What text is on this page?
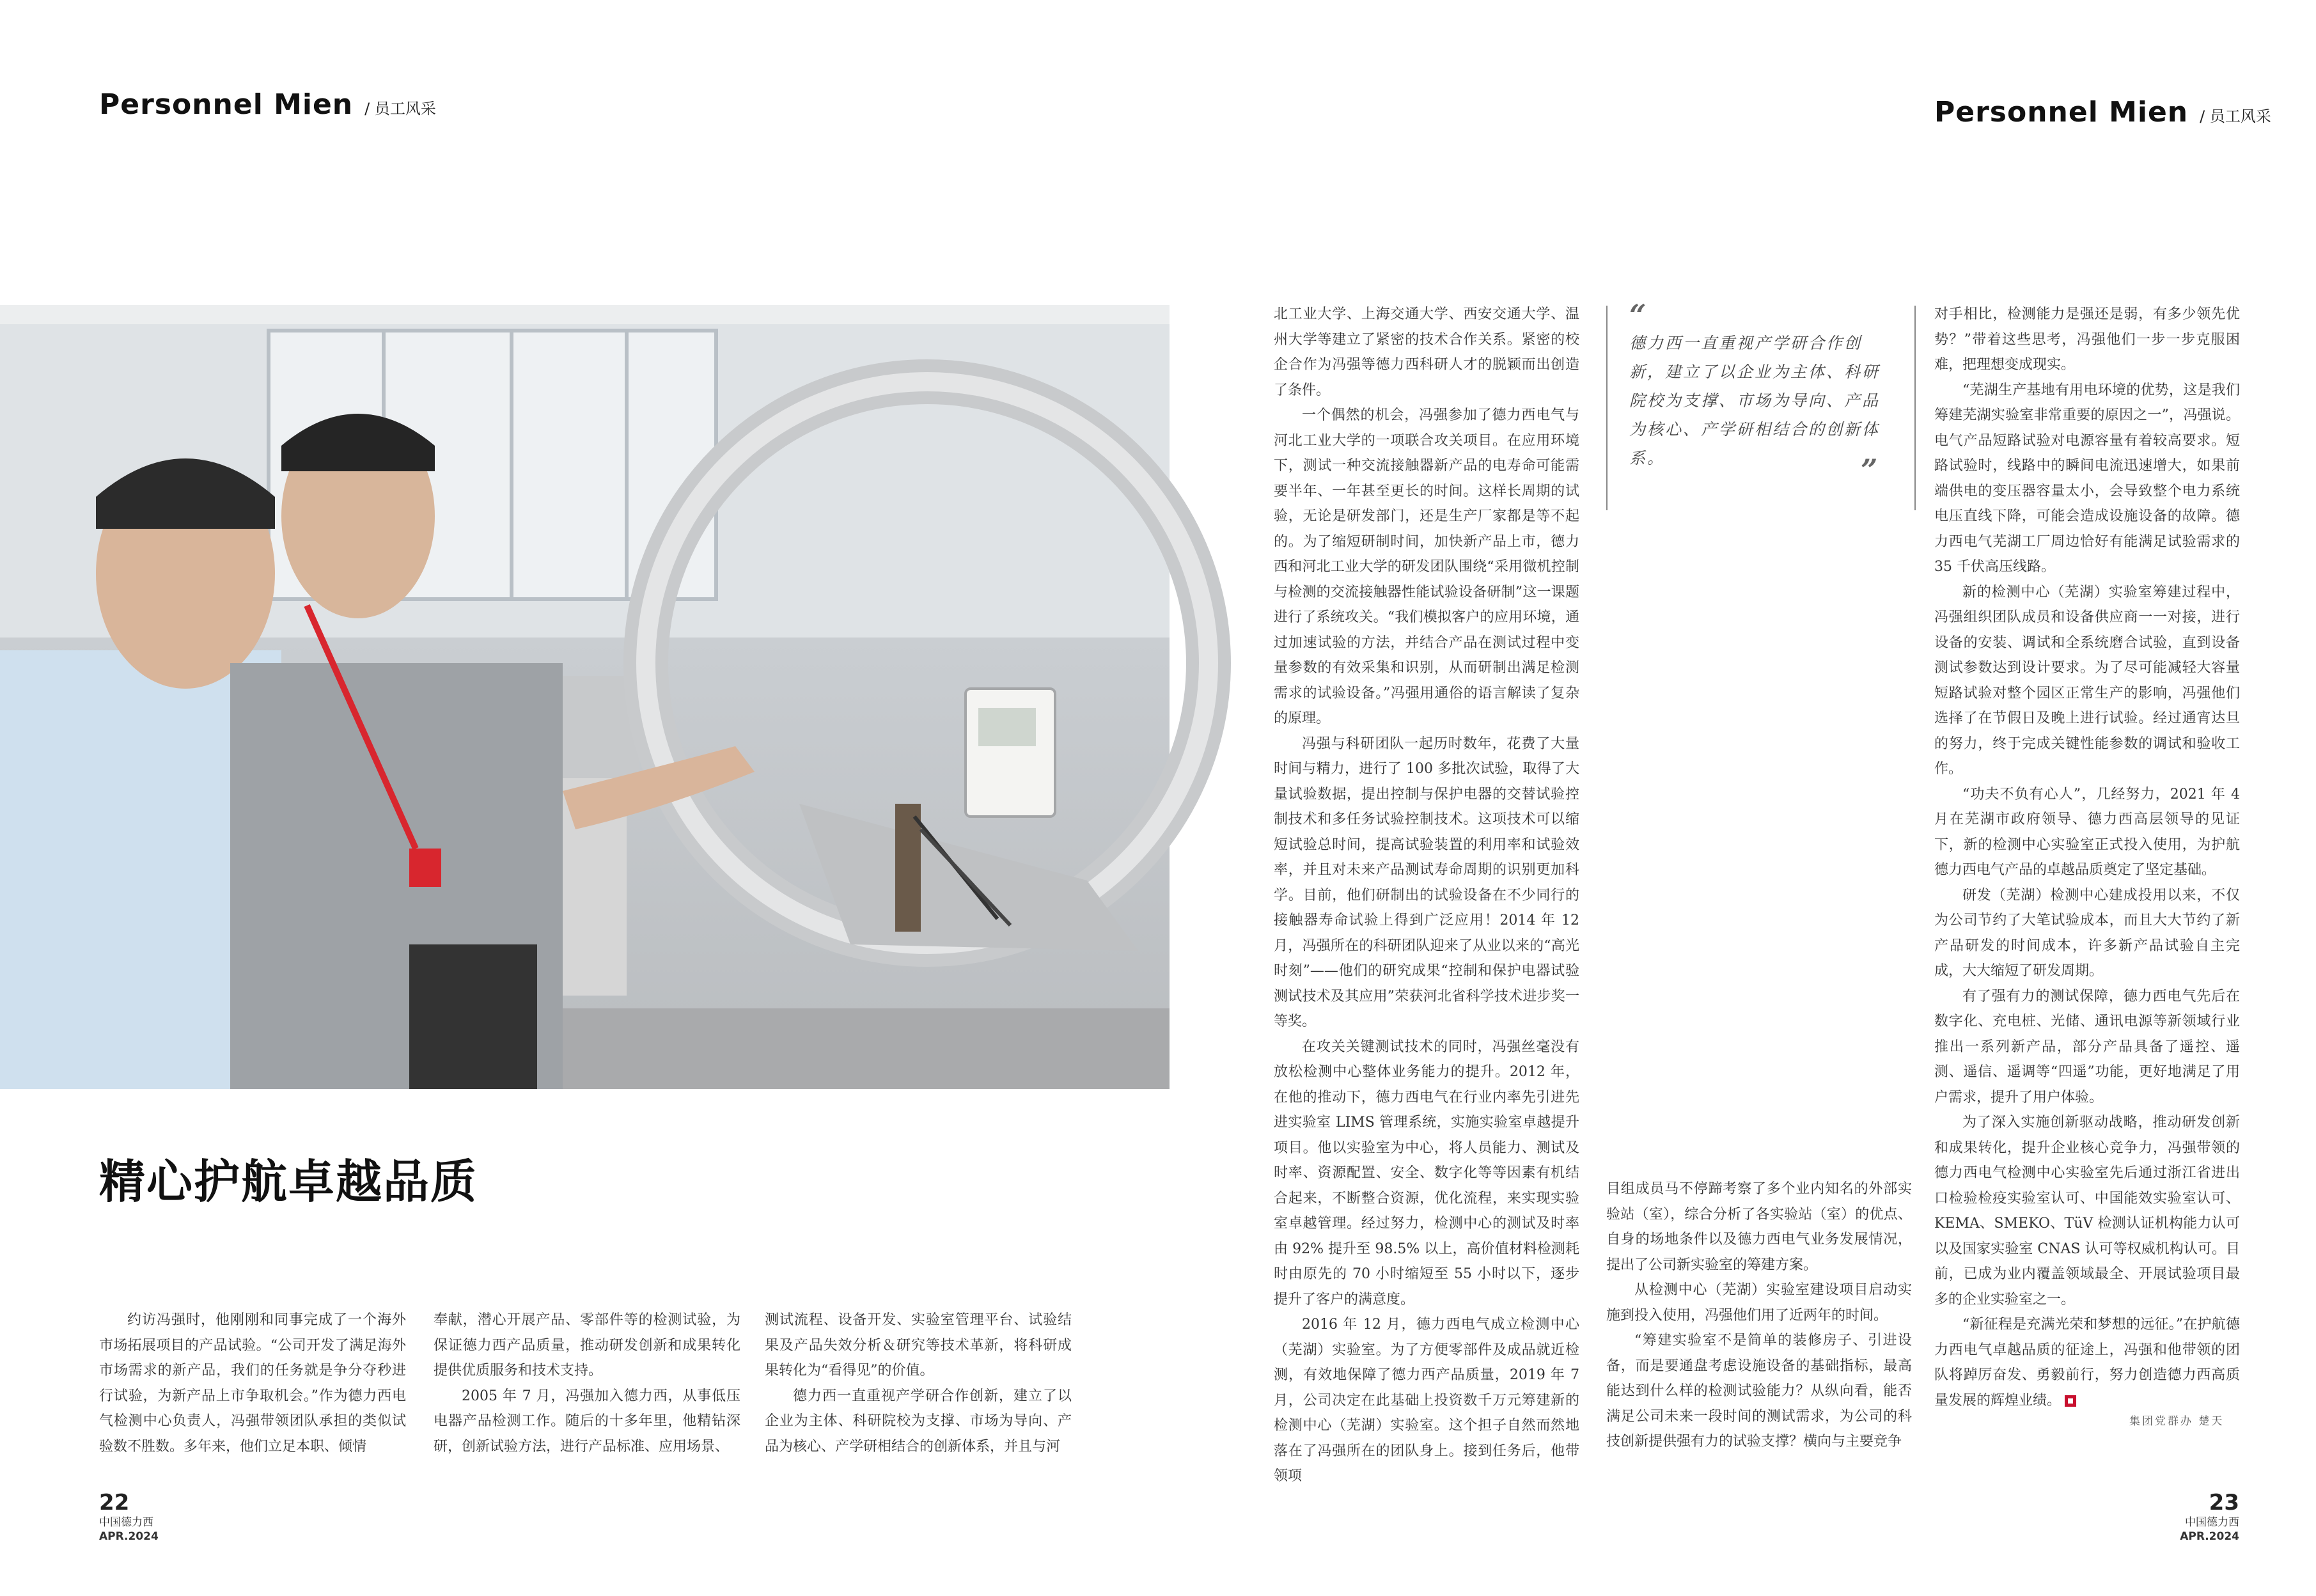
Personnel Mien / 员工风采	Personnel Mien / 员工风采
精心护航卓越品质

约访冯强时，他刚刚和同事完成了一个海外市场拓展项目的产品试验。“公司开发了满足海外市场需求的新产品，我们的任务就是争分夺秒进行试验，为新产品上市争取机会。”作为德力西电气检测中心负责人，冯强带领团队承担的类似试验数不胜数。多年来，他们立足本职、倾情

奉献，潜心开展产品、零部件等的检测试验，为保证德力西产品质量，推动研发创新和成果转化提供优质服务和技术支持。

2005 年 7 月，冯强加入德力西，从事低压电器产品检测工作。随后的十多年里，他精钻深研，创新试验方法，进行产品标准、应用场景、

测试流程、设备开发、实验室管理平台、试验结果及产品失效分析＆研究等技术革新，将科研成果转化为“看得见”的价值。

德力西一直重视产学研合作创新，建立了以企业为主体、科研院校为支撑、市场为导向、产品为核心、产学研相结合的创新体系，并且与河

北工业大学、上海交通大学、西安交通大学、温州大学等建立了紧密的技术合作关系。紧密的校企合作为冯强等德力西科研人才的脱颖而出创造了条件。

一个偶然的机会，冯强参加了德力西电气与河北工业大学的一项联合攻关项目。在应用环境下，测试一种交流接触器新产品的电寿命可能需要半年、一年甚至更长的时间。这样长周期的试验，无论是研发部门，还是生产厂家都是等不起的。为了缩短研制时间，加快新产品上市，德力西和河北工业大学的研发团队围绕“采用微机控制与检测的交流接触器性能试验设备研制”这一课题进行了系统攻关。“我们模拟客户的应用环境，通过加速试验的方法，并结合产品在测试过程中变量参数的有效采集和识别，从而研制出满足检测需求的试验设备。”冯强用通俗的语言解读了复杂的原理。

冯强与科研团队一起历时数年，花费了大量时间与精力，进行了 100 多批次试验，取得了大量试验数据，提出控制与保护电器的交替试验控制技术和多任务试验控制技术。这项技术可以缩短试验总时间，提高试验装置的利用率和试验效率，并且对未来产品测试寿命周期的识别更加科学。目前，他们研制出的试验设备在不少同行的接触器寿命试验上得到广泛应用！2014 年 12 月，冯强所在的科研团队迎来了从业以来的“高光时刻”——他们的研究成果“控制和保护电器试验测试技术及其应用”荣获河北省科学技术进步奖一等奖。

在攻关关键测试技术的同时，冯强丝毫没有放松检测中心整体业务能力的提升。2012 年，在他的推动下，德力西电气在行业内率先引进先进实验室 LIMS 管理系统，实施实验室卓越提升项目。他以实验室为中心，将人员能力、测试及时率、资源配置、安全、数字化等等因素有机结合起来，不断整合资源，优化流程，来实现实验室卓越管理。经过努力，检测中心的测试及时率由 92% 提升至 98.5% 以上，高价值材料检测耗时由原先的 70 小时缩短至 55 小时以下，逐步提升了客户的满意度。

2016 年 12 月，德力西电气成立检测中心（芜湖）实验室。为了方便零部件及成品就近检测，有效地保障了德力西产品质量，2019 年 7 月，公司决定在此基础上投资数千万元筹建新的检测中心（芜湖）实验室。这个担子自然而然地落在了冯强所在的团队身上。接到任务后，他带领项

“
德力西一直重视产学研合作创新，建立了以企业为主体、科研院校为支撑、市场为导向、产品为核心、产学研相结合的创新体系。	”

目组成员马不停蹄考察了多个业内知名的外部实验站（室），综合分析了各实验站（室）的优点、自身的场地条件以及德力西电气业务发展情况，提出了公司新实验室的筹建方案。

从检测中心（芜湖）实验室建设项目启动实施到投入使用，冯强他们用了近两年的时间。

“筹建实验室不是简单的装修房子、引进设备，而是要通盘考虑设施设备的基础指标，最高能达到什么样的检测试验能力？从纵向看，能否满足公司未来一段时间的测试需求，为公司的科技创新提供强有力的试验支撑？横向与主要竞争

对手相比，检测能力是强还是弱，有多少领先优势？”带着这些思考，冯强他们一步一步克服困难，把理想变成现实。

“芜湖生产基地有用电环境的优势，这是我们筹建芜湖实验室非常重要的原因之一”，冯强说。电气产品短路试验对电源容量有着较高要求。短路试验时，线路中的瞬间电流迅速增大，如果前端供电的变压器容量太小，会导致整个电力系统电压直线下降，可能会造成设施设备的故障。德力西电气芜湖工厂周边恰好有能满足试验需求的 35 千伏高压线路。

新的检测中心（芜湖）实验室筹建过程中，冯强组织团队成员和设备供应商一一对接，进行设备的安装、调试和全系统磨合试验，直到设备测试参数达到设计要求。为了尽可能减轻大容量短路试验对整个园区正常生产的影响，冯强他们选择了在节假日及晚上进行试验。经过通宵达旦的努力，终于完成关键性能参数的调试和验收工作。

“功夫不负有心人”，几经努力，2021 年 4 月在芜湖市政府领导、德力西高层领导的见证下，新的检测中心实验室正式投入使用，为护航德力西电气产品的卓越品质奠定了坚定基础。

研发（芜湖）检测中心建成投用以来，不仅为公司节约了大笔试验成本，而且大大节约了新产品研发的时间成本，许多新产品试验自主完成，大大缩短了研发周期。

有了强有力的测试保障，德力西电气先后在数字化、充电桩、光储、通讯电源等新领域行业推出一系列新产品，部分产品具备了遥控、遥测、遥信、遥调等“四遥”功能，更好地满足了用户需求，提升了用户体验。

为了深入实施创新驱动战略，推动研发创新和成果转化，提升企业核心竞争力，冯强带领的德力西电气检测中心实验室先后通过浙江省进出口检验检疫实验室认可、中国能效实验室认可、KEMA、SMEKO、TüV 检测认证机构能力认可以及国家实验室 CNAS 认可等权威机构认可。目前，已成为业内覆盖领域最全、开展试验项目最多的企业实验室之一。

“新征程是充满光荣和梦想的远征。”在护航德力西电气卓越品质的征途上，冯强和他带领的团队将踔厉奋发、勇毅前行，努力创造德力西高质量发展的辉煌业绩。

集团党群办 楚天
22
中国德力西
APR.2024
23
中国德力西
APR.2024
